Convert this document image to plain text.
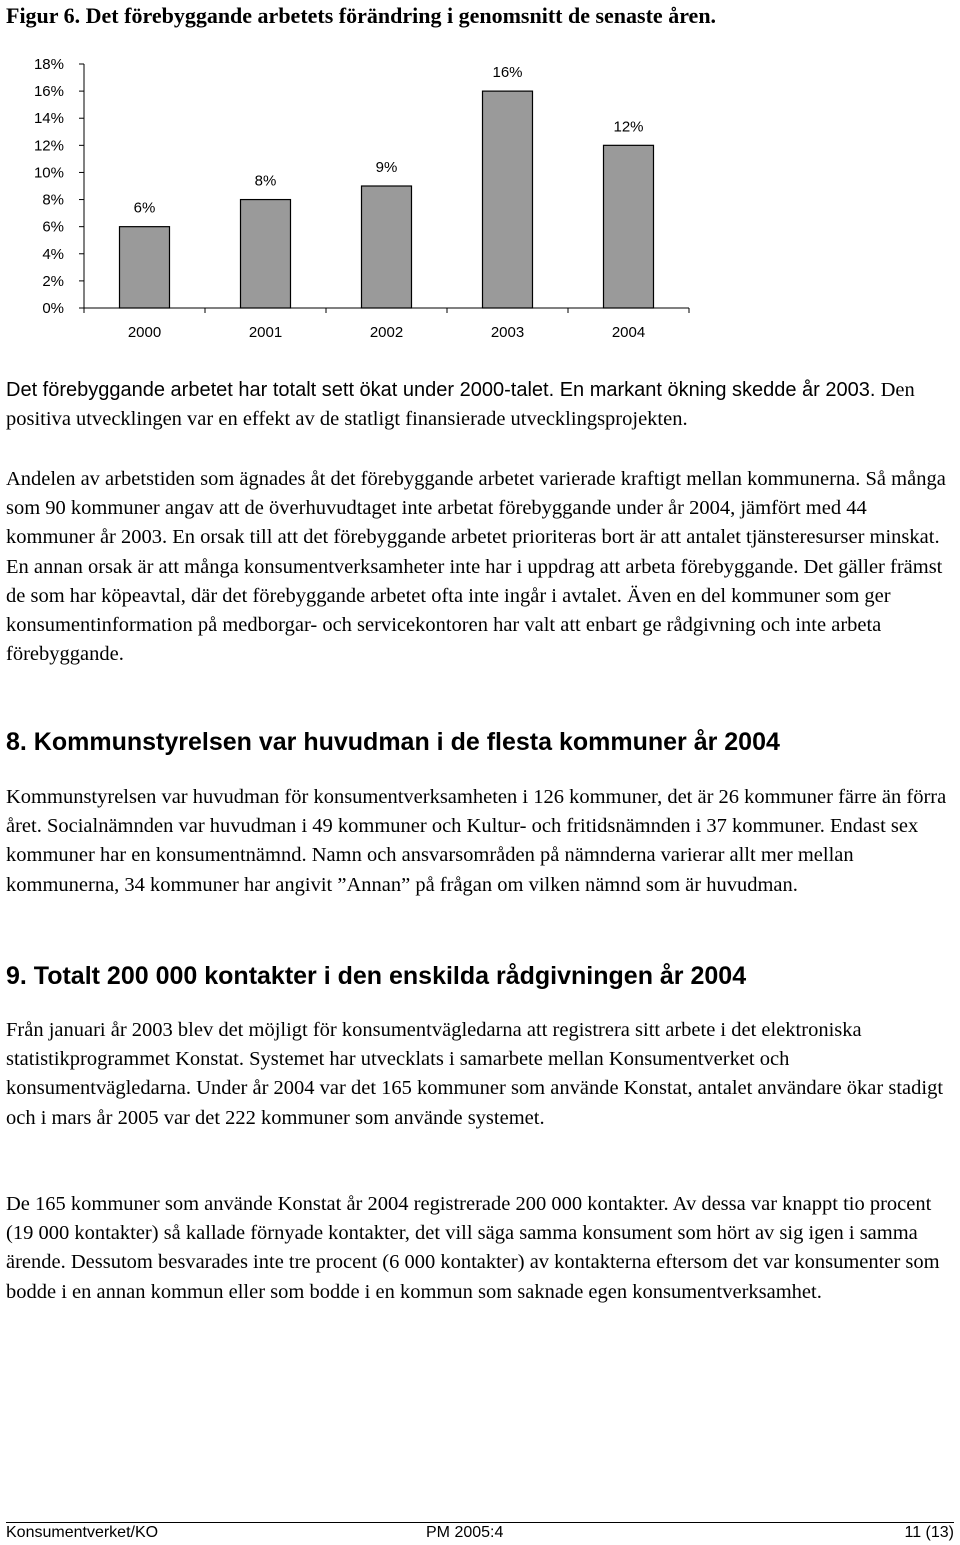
Figur 6. Det förebyggande arbetets förändring i genomsnitt de senaste åren.
0%
2%
4%
6%
8%
10%
12%
14%
16%
18%
6%
2000
8%
2001
9%
2002
16%
2003
12%
2004

Det förebyggande arbetet har totalt sett ökat under 2000-talet. En markant ökning skedde år 2003. Den positiva utvecklingen var en effekt av de statligt finansierade utvecklingsprojekten.

Andelen av arbetstiden som ägnades åt det förebyggande arbetet varierade kraftigt mellan kommunerna. Så många som 90 kommuner angav att de överhuvudtaget inte arbetat förebyggande under år 2004, jämfört med 44 kommuner år 2003. En orsak till att det förebyggande arbetet prioriteras bort är att antalet tjänsteresurser minskat. En annan orsak är att många konsumentverksamheter inte har i uppdrag att arbeta förebyggande. Det gäller främst de som har köpeavtal, där det förebyggande arbetet ofta inte ingår i avtalet. Även en del kommuner som ger konsumentinformation på medborgar- och servicekontoren har valt att enbart ge rådgivning och inte arbeta förebyggande.

8. Kommunstyrelsen var huvudman i de flesta kommuner år 2004

Kommunstyrelsen var huvudman för konsumentverksamheten i 126 kommuner, det är 26 kommuner färre än förra året. Socialnämnden var huvudman i 49 kommuner och Kultur- och fritidsnämnden i 37 kommuner. Endast sex kommuner har en konsumentnämnd. Namn och ansvarsområden på nämnderna varierar allt mer mellan kommunerna, 34 kommuner har angivit ”Annan” på frågan om vilken nämnd som är huvudman.

9. Totalt 200 000 kontakter i den enskilda rådgivningen år 2004

Från januari år 2003 blev det möjligt för konsumentvägledarna att registrera sitt arbete i det elektroniska statistikprogrammet Konstat. Systemet har utvecklats i samarbete mellan Konsumentverket och konsumentvägledarna. Under år 2004 var det 165 kommuner som använde Konstat, antalet användare ökar stadigt och i mars år 2005 var det 222 kommuner som använde systemet.

De 165 kommuner som använde Konstat år 2004 registrerade 200 000 kontakter. Av dessa var knappt tio procent (19 000 kontakter) så kallade förnyade kontakter, det vill säga samma konsument som hört av sig igen i samma ärende. Dessutom besvarades inte tre procent (6 000 kontakter) av kontakterna eftersom det var konsumenter som bodde i en annan kommun eller som bodde i en kommun som saknade egen konsumentverksamhet.

Konsumentverket/KO	PM 2005:4	11 (13)
